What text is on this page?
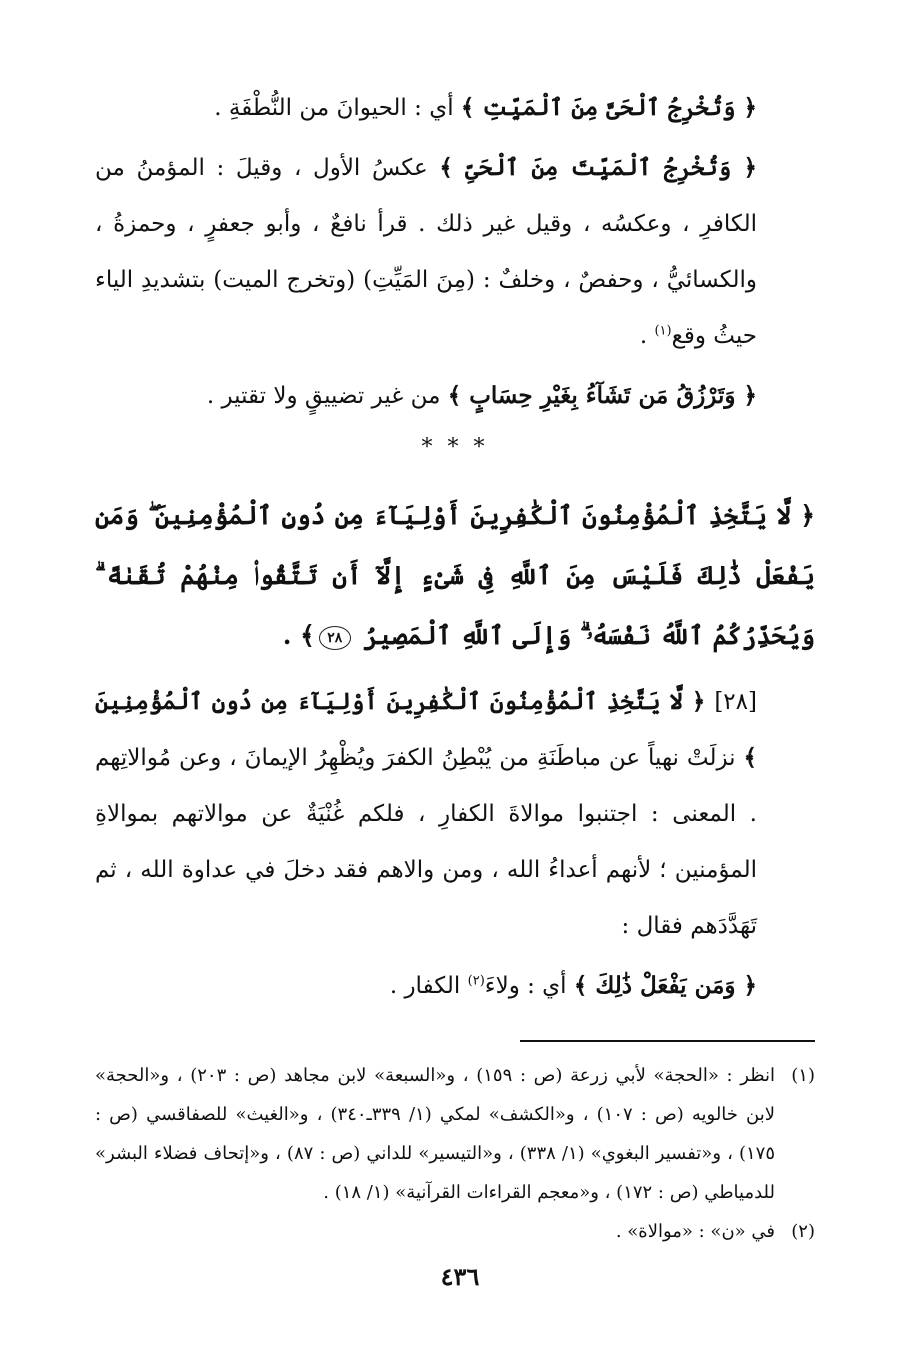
﴿ وَتُخْرِجُ ٱلْحَىَّ مِنَ ٱلْمَيِّتِ ﴾ أي : الحيوانَ من النُّطْفَةِ .

﴿ وَتُخْرِجُ ٱلْمَيِّتَ مِنَ ٱلْحَىِّ ﴾ عكسُ الأول ، وقيلَ : المؤمنُ من الكافرِ ، وعكسُه ، وقيل غير ذلك . قرأ نافعٌ ، وأبو جعفرٍ ، وحمزةُ ، والكسائيُّ ، وحفصٌ ، وخلفٌ : (مِنَ المَيِّتِ) (وتخرج الميت) بتشديدِ الياء حيثُ وقع$^{(١)}$ .

﴿ وَتَرْزُقُ مَن تَشَآءُ بِغَيْرِ حِسَابٍ ﴾ من غير تضييقٍ ولا تقتير .

* * *

﴿ لَّا يَتَّخِذِ ٱلْمُؤْمِنُونَ ٱلْكَٰفِرِينَ أَوْلِيَآءَ مِن دُونِ ٱلْمُؤْمِنِينَ ۖ وَمَن يَفْعَلْ ذَٰلِكَ فَلَيْسَ مِنَ ٱللَّهِ فِى شَىْءٍ إِلَّآ أَن تَتَّقُوا۟ مِنْهُمْ تُقَىٰةً ۗ وَيُحَذِّرُكُمُ ٱللَّهُ نَفْسَهُۥ ۗ وَإِلَى ٱللَّهِ ٱلْمَصِيرُ ٢٨﴾ .

[٢٨] ﴿ لَّا يَتَّخِذِ ٱلْمُؤْمِنُونَ ٱلْكَٰفِرِينَ أَوْلِيَآءَ مِن دُونِ ٱلْمُؤْمِنِينَ ﴾ نزلَتْ نهياً عن مباطَنَةِ من يُبْطِنُ الكفرَ ويُظْهِرُ الإيمانَ ، وعن مُوالاتِهم . المعنى : اجتنبوا موالاةَ الكفارِ ، فلكم غُنْيَةٌ عن موالاتهم بموالاةِ المؤمنين ؛ لأنهم أعداءُ الله ، ومن والاهم فقد دخلَ في عداوة الله ، ثم تَهَدَّدَهم فقال :

﴿ وَمَن يَفْعَلْ ذَٰلِكَ ﴾ أي : ولاءَ$^{(٢)}$ الكفار .

(١)
انظر : «الحجة» لأبي زرعة (ص : ١٥٩) ، و«السبعة» لابن مجاهد (ص : ٢٠٣) ، و«الحجة» لابن خالويه (ص : ١٠٧) ، و«الكشف» لمكي (١/ ٣٣٩ـ٣٤٠) ، و«الغيث» للصفاقسي (ص : ١٧٥) ، و«تفسير البغوي» (١/ ٣٣٨) ، و«التيسير» للداني (ص : ٨٧) ، و«إتحاف فضلاء البشر» للدمياطي (ص : ١٧٢) ، و«معجم القراءات القرآنية» (١/ ١٨) .

(٢)
في «ن» : «موالاة» .

٤٣٦
